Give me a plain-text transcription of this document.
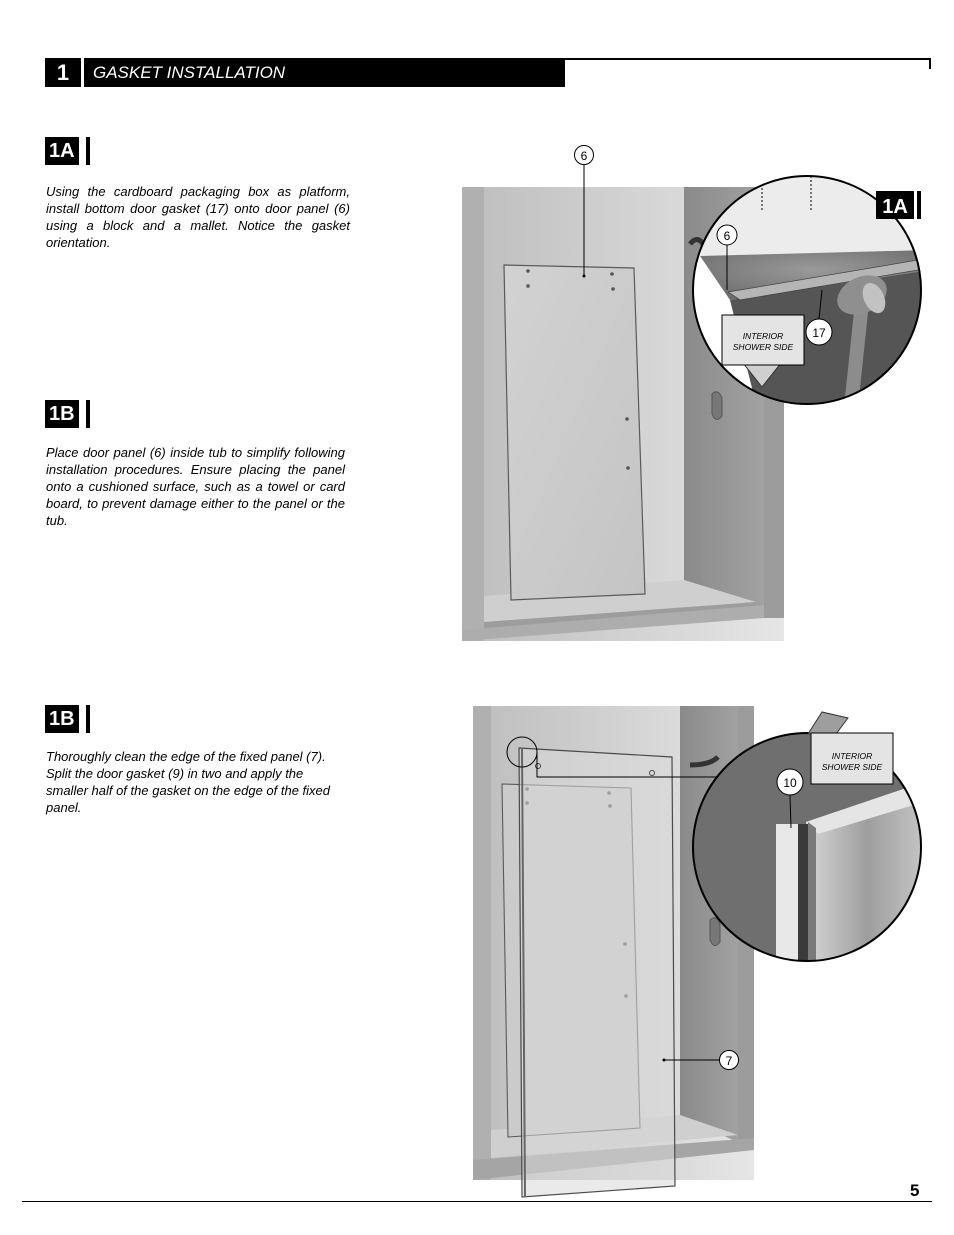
1	GASKET INSTALLATION
1A
Using the cardboard packaging box as platform, install bottom door gasket (17) onto door panel (6) using a block and a mallet. Notice the gasket orientation.
1B
Place door panel (6) inside tub to simplify following installation procedures. Ensure placing the panel onto a cushioned surface, such as a towel or card board, to prevent damage either to the panel or the tub.
1B
Thoroughly clean the edge of the fixed panel (7).
Split the door gasket (9) in two and apply the
smaller half of the gasket on the edge of the fixed
panel.
6
6
17
INTERIOR
SHOWER SIDE
1A
7
10
INTERIOR
SHOWER SIDE
5
